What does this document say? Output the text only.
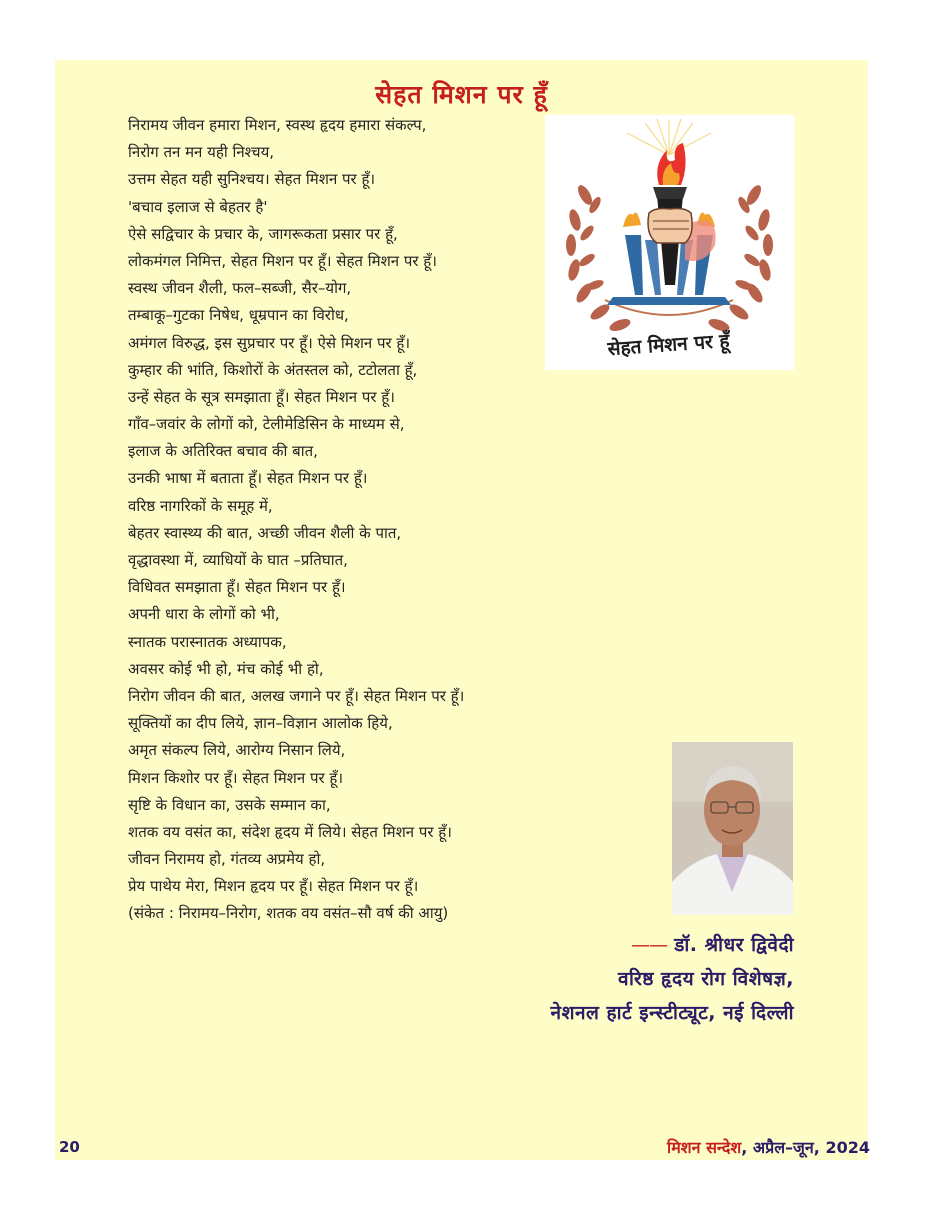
सेहत मिशन पर हूँ
निरामय जीवन हमारा मिशन, स्वस्थ हृदय हमारा संकल्प,
निरोग तन मन यही निश्चय,
उत्तम सेहत यही सुनिश्चय। सेहत मिशन पर हूँ।
'बचाव इलाज से बेहतर है'
ऐसे सद्विचार के प्रचार के, जागरूकता प्रसार पर हूँ,
लोकमंगल निमित्त, सेहत मिशन पर हूँ। सेहत मिशन पर हूँ।
स्वस्थ जीवन शैली, फल–सब्जी, सैर–योग,
तम्बाकू–गुटका निषेध, धूम्रपान का विरोध,
अमंगल विरुद्ध, इस सुप्रचार पर हूँ। ऐसे मिशन पर हूँ।
कुम्हार की भांति, किशोरों के अंतस्तल को, टटोलता हूँ,
उन्हें सेहत के सूत्र समझाता हूँ। सेहत मिशन पर हूँ।
गाँव–जवांर के लोगों को, टेलीमेडिसिन के माध्यम से,
इलाज के अतिरिक्त बचाव की बात,
उनकी भाषा में बताता हूँ। सेहत मिशन पर हूँ।
वरिष्ठ नागरिकों के समूह में,
बेहतर स्वास्थ्य की बात, अच्छी जीवन शैली के पात,
वृद्धावस्था में, व्याधियों के घात –प्रतिघात,
विधिवत समझाता हूँ। सेहत मिशन पर हूँ।
अपनी धारा के लोगों को भी,
स्नातक परास्नातक अध्यापक,
अवसर कोई भी हो, मंच कोई भी हो,
निरोग जीवन की बात, अलख जगाने पर हूँ। सेहत मिशन पर हूँ।
सूक्तियों का दीप लिये, ज्ञान–विज्ञान आलोक हिये,
अमृत संकल्प लिये, आरोग्य निसान लिये,
मिशन किशोर पर हूँ। सेहत मिशन पर हूँ।
सृष्टि के विधान का, उसके सम्मान का,
शतक वय वसंत का, संदेश हृदय में लिये। सेहत मिशन पर हूँ।
जीवन निरामय हो, गंतव्य अप्रमेय हो,
प्रेय पाथेय मेरा, मिशन हृदय पर हूँ। सेहत मिशन पर हूँ।
(संकेत : निरामय–निरोग, शतक वय वसंत–सौ वर्ष की आयु)
सेहत मिशन पर हूँ
—— डॉ. श्रीधर द्विवेदी
वरिष्ठ हृदय रोग विशेषज्ञ,
नेशनल हार्ट इन्स्टीट्यूट, नई दिल्ली
20	मिशन सन्देश, अप्रैल–जून, 2024
